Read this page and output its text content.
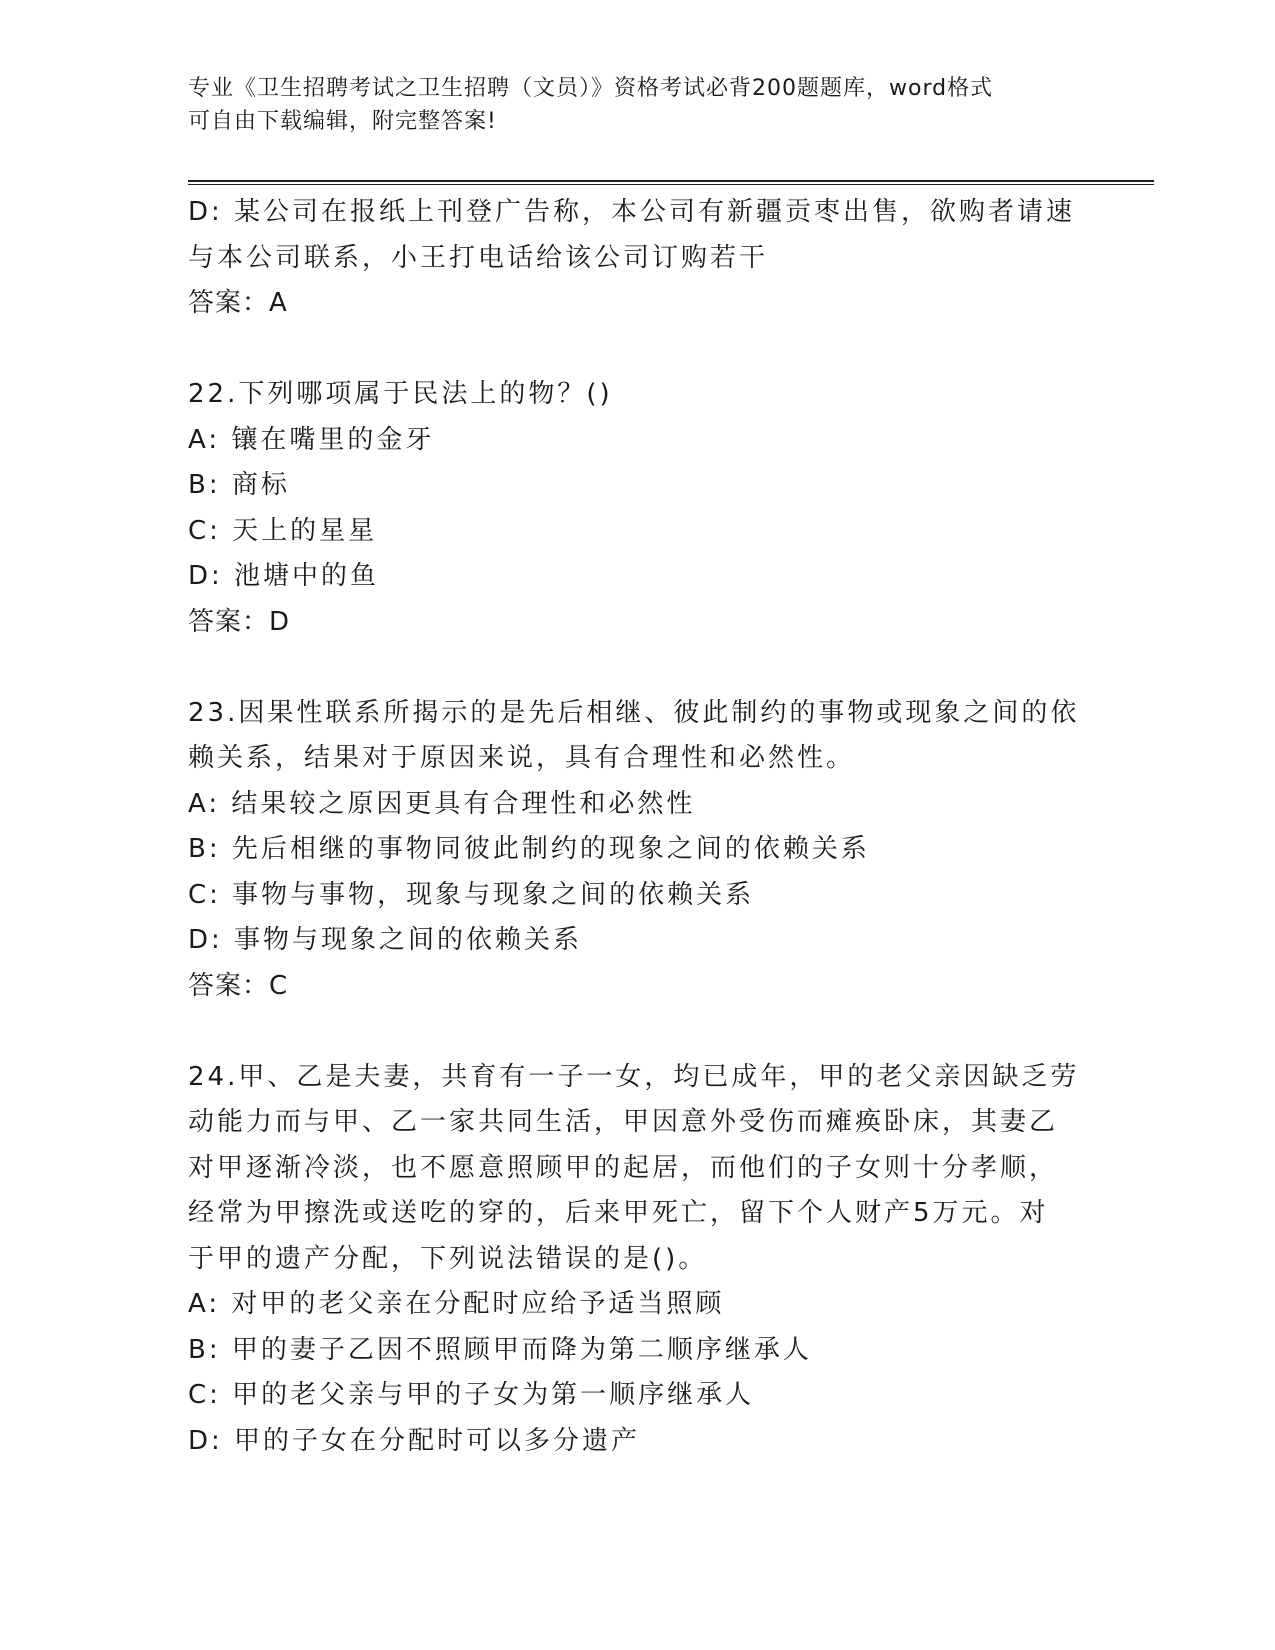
专业《卫生招聘考试之卫生招聘（文员）》资格考试必背200题题库，word格式
可自由下载编辑，附完整答案!
D: 某公司在报纸上刊登广告称，本公司有新疆贡枣出售，欲购者请速
与本公司联系，小王打电话给该公司订购若干
答案：A
22.下列哪项属于民法上的物？()
A: 镶在嘴里的金牙
B: 商标
C: 天上的星星
D: 池塘中的鱼
答案：D
23.因果性联系所揭示的是先后相继、彼此制约的事物或现象之间的依
赖关系，结果对于原因来说，具有合理性和必然性。
A: 结果较之原因更具有合理性和必然性
B: 先后相继的事物同彼此制约的现象之间的依赖关系
C: 事物与事物，现象与现象之间的依赖关系
D: 事物与现象之间的依赖关系
答案：C
24.甲、乙是夫妻，共育有一子一女，均已成年，甲的老父亲因缺乏劳
动能力而与甲、乙一家共同生活，甲因意外受伤而瘫痪卧床，其妻乙
对甲逐渐冷淡，也不愿意照顾甲的起居，而他们的子女则十分孝顺，
经常为甲擦洗或送吃的穿的，后来甲死亡，留下个人财产5万元。对
于甲的遗产分配，下列说法错误的是()。
A: 对甲的老父亲在分配时应给予适当照顾
B: 甲的妻子乙因不照顾甲而降为第二顺序继承人
C: 甲的老父亲与甲的子女为第一顺序继承人
D: 甲的子女在分配时可以多分遗产
